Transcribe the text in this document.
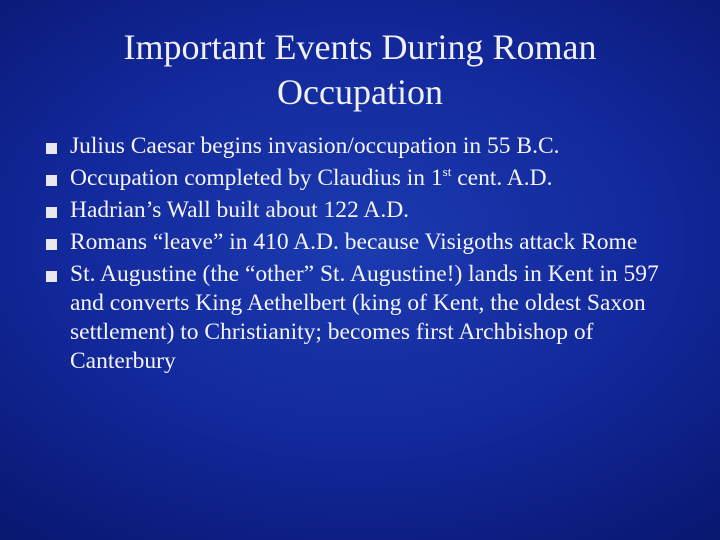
Important Events During Roman Occupation
Julius Caesar begins invasion/occupation in 55 B.C.
Occupation completed by Claudius in 1st cent. A.D.
Hadrian’s Wall built about 122 A.D.
Romans “leave” in 410 A.D. because Visigoths attack Rome
St. Augustine (the “other” St. Augustine!) lands in Kent in 597 and converts King Aethelbert (king of Kent, the oldest Saxon settlement) to Christianity; becomes first Archbishop of Canterbury
